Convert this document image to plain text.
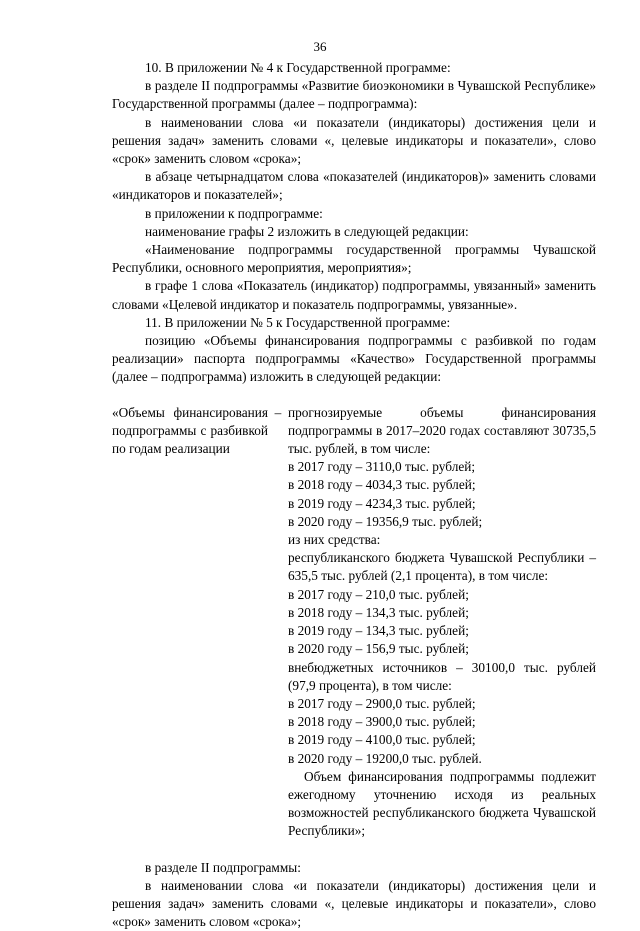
36

10. В приложении № 4 к Государственной программе:

в разделе II подпрограммы «Развитие биоэкономики в Чувашской Республике» Государственной программы (далее – подпрограмма):

в наименовании слова «и показатели (индикаторы) достижения цели и решения задач» заменить словами «, целевые индикаторы и показатели», слово «срок» заменить словом «срока»;

в абзаце четырнадцатом слова «показателей (индикаторов)» заменить словами «индикаторов и показателей»;

в приложении к подпрограмме:

наименование графы 2 изложить в следующей редакции:

«Наименование подпрограммы государственной программы Чувашской Республики, основного мероприятия, мероприятия»;

в графе 1 слова «Показатель (индикатор) подпрограммы, увязанный» заменить словами «Целевой индикатор и показатель подпрограммы, увязанные».

11. В приложении № 5 к Государственной программе:

позицию «Объемы финансирования подпрограммы с разбивкой по годам реализации» паспорта подпрограммы «Качество» Государственной программы (далее – подпрограмма) изложить в следующей редакции:

«Объемы финансирования подпрограммы с разбивкой по годам реализации
– прогнозируемые объемы финансирования подпрограммы в 2017–2020 годах составляют 30735,5 тыс. рублей, в том числе:

в 2017 году – 3110,0 тыс. рублей;

в 2018 году – 4034,3 тыс. рублей;

в 2019 году – 4234,3 тыс. рублей;

в 2020 году – 19356,9 тыс. рублей;

из них средства:

республиканского бюджета Чувашской Республики – 635,5 тыс. рублей (2,1 процента), в том числе:

в 2017 году – 210,0 тыс. рублей;

в 2018 году – 134,3 тыс. рублей;

в 2019 году – 134,3 тыс. рублей;

в 2020 году – 156,9 тыс. рублей;

внебюджетных источников – 30100,0 тыс. рублей (97,9 процента), в том числе:

в 2017 году – 2900,0 тыс. рублей;

в 2018 году – 3900,0 тыс. рублей;

в 2019 году – 4100,0 тыс. рублей;

в 2020 году – 19200,0 тыс. рублей.

Объем финансирования подпрограммы подлежит ежегодному уточнению исходя из реальных возможностей республиканского бюджета Чувашской Республики»;

в разделе II подпрограммы:

в наименовании слова «и показатели (индикаторы) достижения цели и решения задач» заменить словами «, целевые индикаторы и показатели», слово «срок» заменить словом «срока»;
